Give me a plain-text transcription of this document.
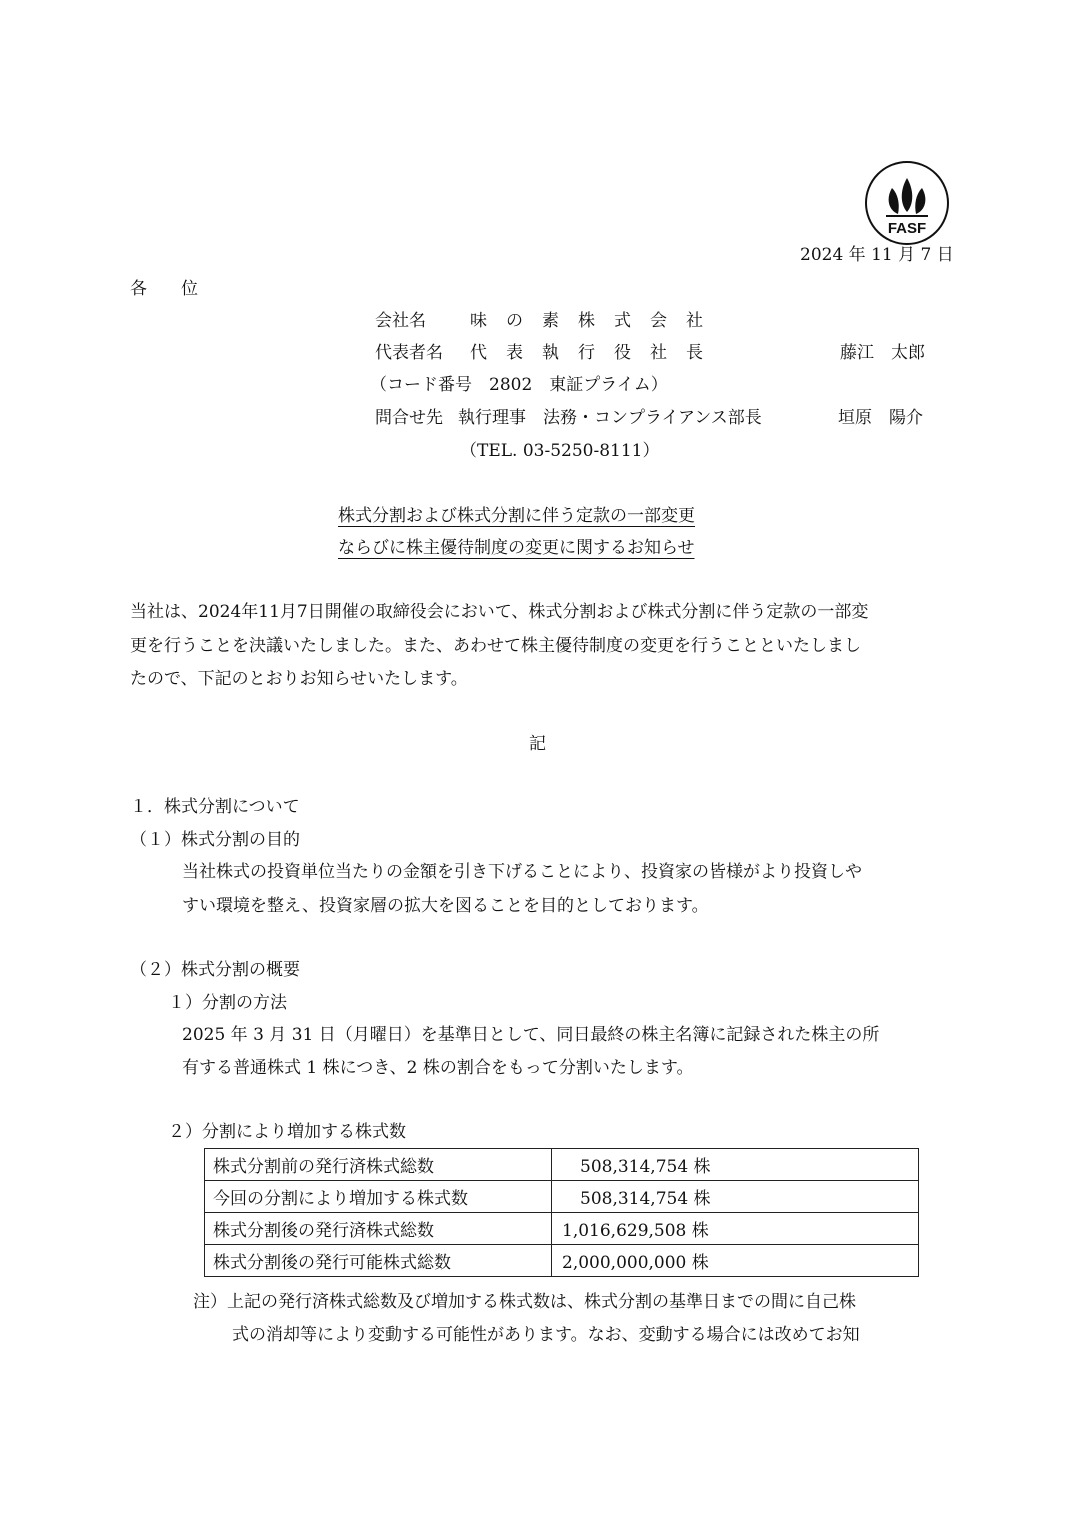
FASF
2024 年 11 月 7 日
各　　位
会社名	味の素株式会社
代表者名 代表執行役社長	藤江　太郎
（コード番号　2802　東証プライム）
問合せ先 執行理事　法務・コンプライアンス部長	垣原　陽介
（TEL. 03-5250-8111）
株式分割および株式分割に伴う定款の一部変更
ならびに株主優待制度の変更に関するお知らせ
当社は、2024年11月7日開催の取締役会において、株式分割および株式分割に伴う定款の一部変
更を行うことを決議いたしました。また、あわせて株主優待制度の変更を行うことといたしまし
たので、下記のとおりお知らせいたします。
記
１．株式分割について
（１）株式分割の目的
当社株式の投資単位当たりの金額を引き下げることにより、投資家の皆様がより投資しや
すい環境を整え、投資家層の拡大を図ることを目的としております。
（２）株式分割の概要
１）分割の方法
2025 年 3 月 31 日（月曜日）を基準日として、同日最終の株主名簿に記録された株主の所
有する普通株式 1 株につき、2 株の割合をもって分割いたします。
２）分割により増加する株式数
株式分割前の発行済株式総数	508,314,754 株
今回の分割により増加する株式数	508,314,754 株
株式分割後の発行済株式総数	1,016,629,508 株
株式分割後の発行可能株式総数	2,000,000,000 株
注）上記の発行済株式総数及び増加する株式数は、株式分割の基準日までの間に自己株
式の消却等により変動する可能性があります。なお、変動する場合には改めてお知
